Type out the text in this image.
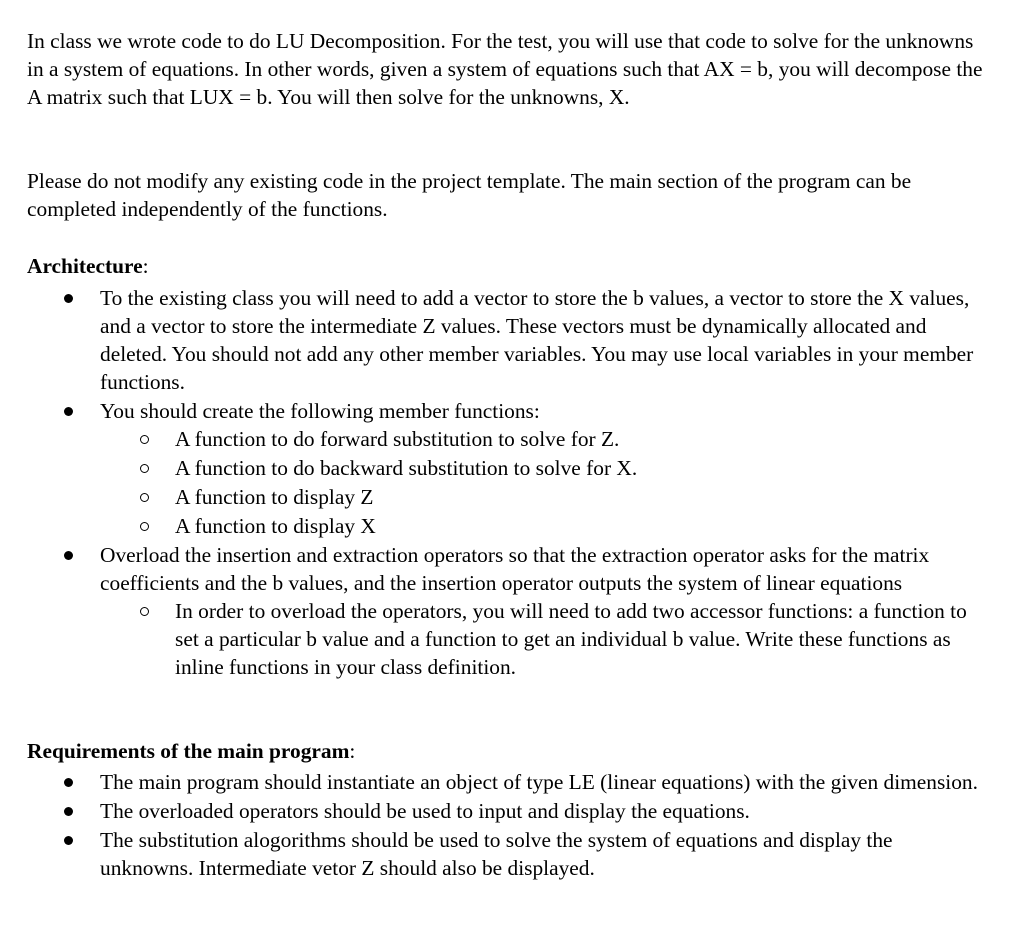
In class we wrote code to do LU Decomposition. For the test, you will use that code to solve for the unknowns in a system of equations. In other words, given a system of equations such that AX = b, you will decompose the A matrix such that LUX = b. You will then solve for the unknowns, X.

Please do not modify any existing code in the project template. The main section of the program can be completed independently of the functions.

Architecture:

To the existing class you will need to add a vector to store the b values, a vector to store the X values, and a vector to store the intermediate Z values. These vectors must be dynamically allocated and deleted. You should not add any other member variables. You may use local variables in your member functions.
You should create the following member functions:
A function to do forward substitution to solve for Z.
A function to do backward substitution to solve for X.
A function to display Z
A function to display X
Overload the insertion and extraction operators so that the extraction operator asks for the matrix coefficients and the b values, and the insertion operator outputs the system of linear equations
In order to overload the operators, you will need to add two accessor functions: a function to set a particular b value and a function to get an individual b value. Write these functions as inline functions in your class definition.

Requirements of the main program:

The main program should instantiate an object of type LE (linear equations) with the given dimension.
The overloaded operators should be used to input and display the equations.
The substitution alogorithms should be used to solve the system of equations and display the unknowns. Intermediate vetor Z should also be displayed.
